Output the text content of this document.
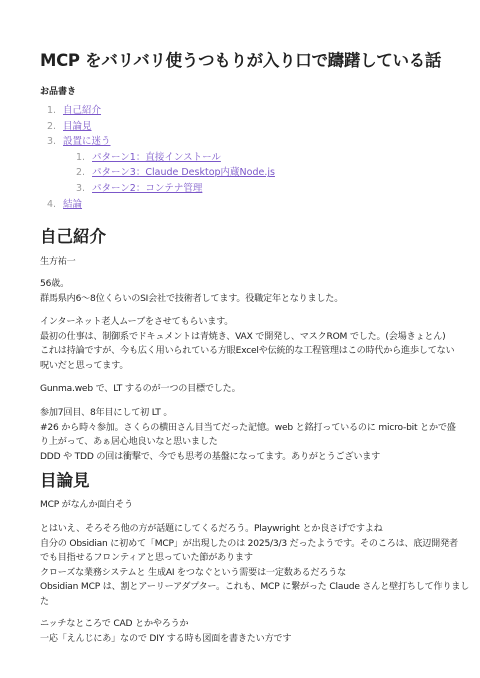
MCP をバリバリ使うつもりが入り口で躊躇している話
お品書き
1. 自己紹介
2. 目論見
3. 設置に迷う
1. パターン1：直接インストール
2. パターン3：Claude Desktop内蔵Node.js
3. パターン2：コンテナ管理
4. 結論
自己紹介
生方祐一
56歳。
群馬県内6～8位くらいのSI会社で技術者してます。役職定年となりました。
インターネット老人ムーブをさせてもらいます。
最初の仕事は、制御系でドキュメントは青焼き、VAX で開発し、マスクROM でした。(会場きょとん)
これは持論ですが、今も広く用いられている方眼Excelや伝統的な工程管理はこの時代から進歩してない
呪いだと思ってます。
Gunma.web で、LT するのが一つの目標でした。
参加7回目、8年目にして初 LT 。
#26 から時々参加。さくらの横田さん目当てだった記憶。web と銘打っているのに micro-bit とかで盛
り上がって、あぁ居心地良いなと思いました
DDD や TDD の回は衝撃で、今でも思考の基盤になってます。ありがとうございます
目論見
MCP がなんか面白そう
とはいえ、そろそろ他の方が話題にしてくるだろう。Playwright とか良さげですよね
自分の Obsidian に初めて「MCP」が出現したのは 2025/3/3 だったようです。そのころは、底辺開発者
でも目指せるフロンティアと思っていた節があります
クローズな業務システムと 生成AI をつなぐという需要は一定数あるだろうな
Obsidian MCP は、割とアーリーアダプター。これも、MCP に繋がった Claude さんと壁打ちして作りまし
た
ニッチなところで CAD とかやろうか
一応「えんじにあ」なので DIY する時も図面を書きたい方です
